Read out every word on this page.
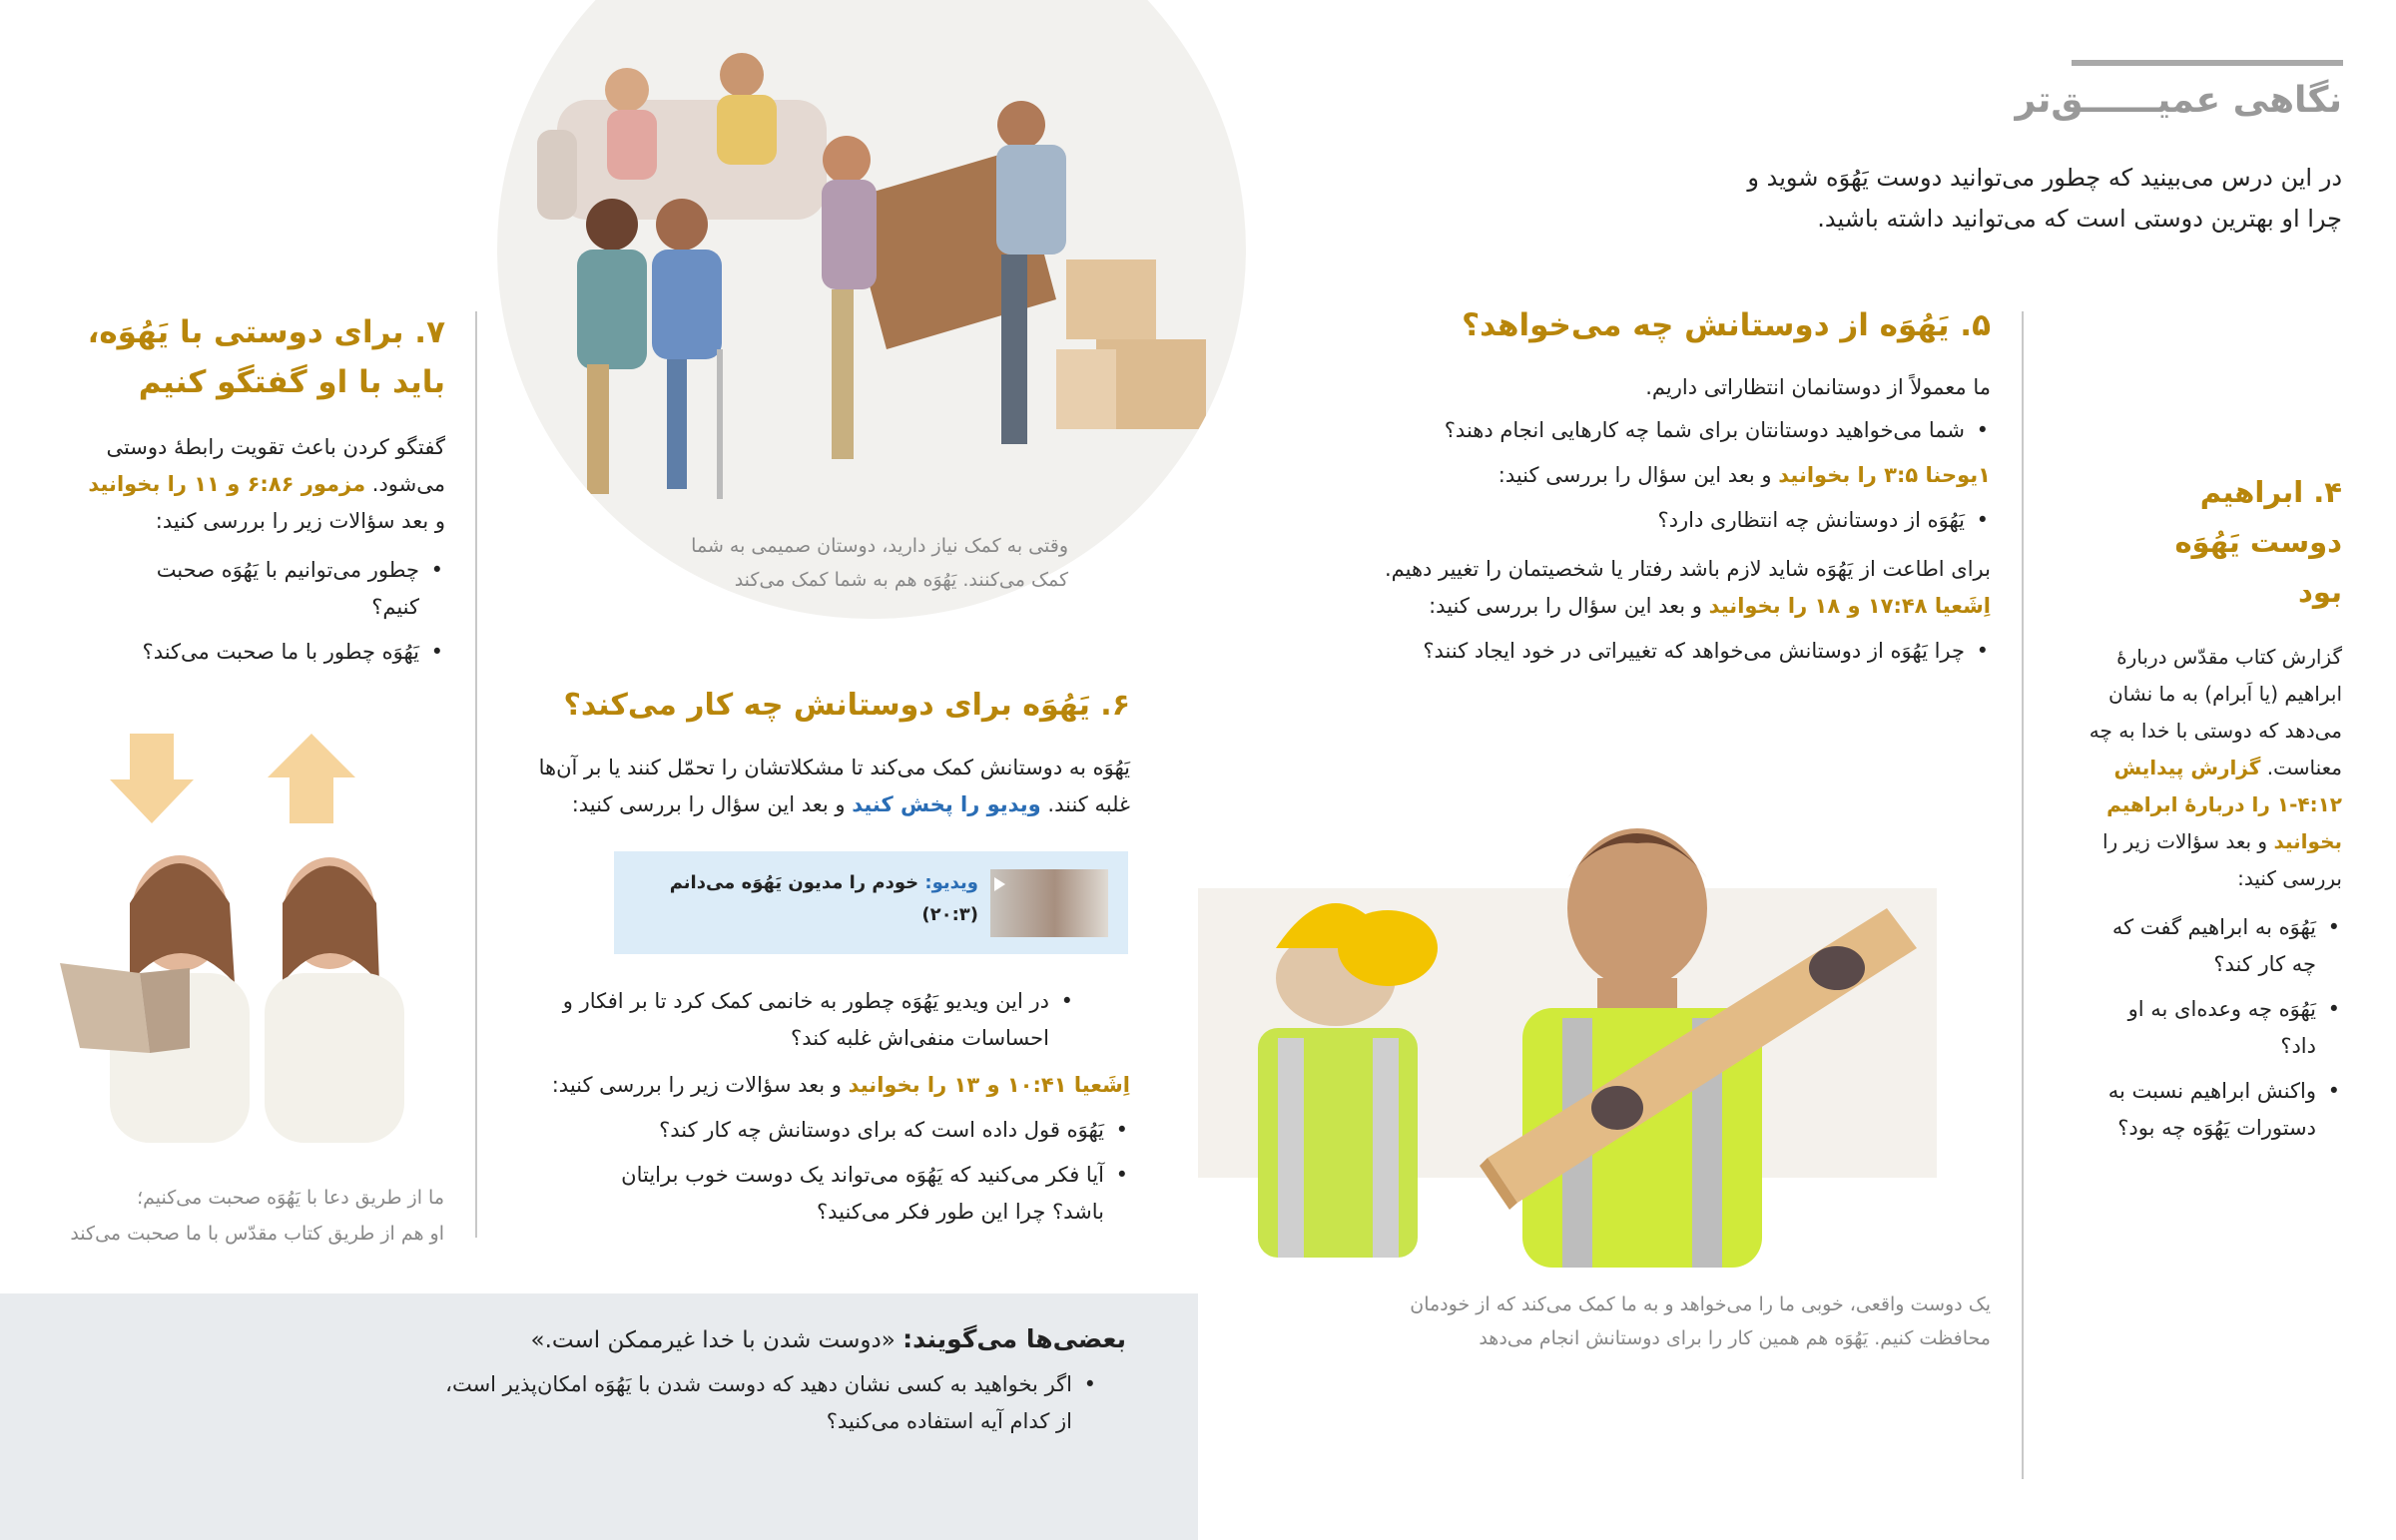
نگاهی عمیــــــق‌تر
در این درس می‌بینید که چطور می‌توانید دوست یَهُوَه شوید و چرا او بهترین دوستی است که می‌توانید داشته باشید.
۴. ابراهیم دوست یَهُوَه بود
گزارش کتاب مقدّس دربارهٔ ابراهیم (یا اَبرام) به ما نشان می‌دهد که دوستی با خدا به چه معناست. گزارش پیدایش ۱۲:‏۱-۴ را دربارهٔ ابراهیم بخوانید و بعد سؤالات زیر را بررسی کنید:
• یَهُوَه به ابراهیم گفت که چه کار کند؟
• یَهُوَه چه وعده‌ای به او داد؟
• واکنش ابراهیم نسبت به دستورات یَهُوَه چه بود؟
۵. یَهُوَه از دوستانش چه می‌خواهد؟
ما معمولاً از دوستانمان انتظاراتی داریم.
• شما می‌خواهید دوستانتان برای شما چه کارهایی انجام دهند؟
۱یوحنا ۵:‏۳ را بخوانید و بعد این سؤال را بررسی کنید:
• یَهُوَه از دوستانش چه انتظاری دارد؟
برای اطاعت از یَهُوَه شاید لازم باشد رفتار یا شخصیتمان را تغییر دهیم. اِشَعیا ۴۸:‏۱۷ و ۱۸ را بخوانید و بعد این سؤال را بررسی کنید:
• چرا یَهُوَه از دوستانش می‌خواهد که تغییراتی در خود ایجاد کنند؟
یک دوست واقعی، خوبی ما را می‌خواهد و به ما کمک می‌کند که از خودمان محافظت کنیم. یَهُوَه هم همین کار را برای دوستانش انجام می‌دهد
وقتی به کمک نیاز دارید، دوستان صمیمی به شما کمک می‌کنند. یَهُوَه هم به شما کمک می‌کند
۶. یَهُوَه برای دوستانش چه کار می‌کند؟
یَهُوَه به دوستانش کمک می‌کند تا مشکلاتشان را تحمّل کنند یا بر آن‌ها غلبه کنند. ویدیو را پخش کنید و بعد این سؤال را بررسی کنید:
ویدیو: خودم را مدیون یَهُوَه می‌دانم
(۳:‏۲۰)
• در این ویدیو یَهُوَه چطور به خانمی کمک کرد تا بر افکار و احساسات منفی‌اش غلبه کند؟
اِشَعیا ۴۱:‏۱۰ و ۱۳ را بخوانید و بعد سؤالات زیر را بررسی کنید:
• یَهُوَه قول داده است که برای دوستانش چه کار کند؟
• آیا فکر می‌کنید که یَهُوَه می‌تواند یک دوست خوب برایتان باشد؟ چرا این طور فکر می‌کنید؟
۷. برای دوستی با یَهُوَه، باید با او گفتگو کنیم
گفتگو کردن باعث تقویت رابطهٔ دوستی می‌شود. مزمور ۸۶:‏۶ و ۱۱ را بخوانید و بعد سؤالات زیر را بررسی کنید:
• چطور می‌توانیم با یَهُوَه صحبت کنیم؟
• یَهُوَه چطور با ما صحبت می‌کند؟
ما از طریق دعا با یَهُوَه صحبت می‌کنیم؛
او هم از طریق کتاب مقدّس با ما صحبت می‌کند
بعضی‌ها می‌گویند: «دوست شدن با خدا غیرممکن است.»
• اگر بخواهید به کسی نشان دهید که دوست شدن با یَهُوَه امکان‌پذیر است، از کدام آیه استفاده می‌کنید؟
